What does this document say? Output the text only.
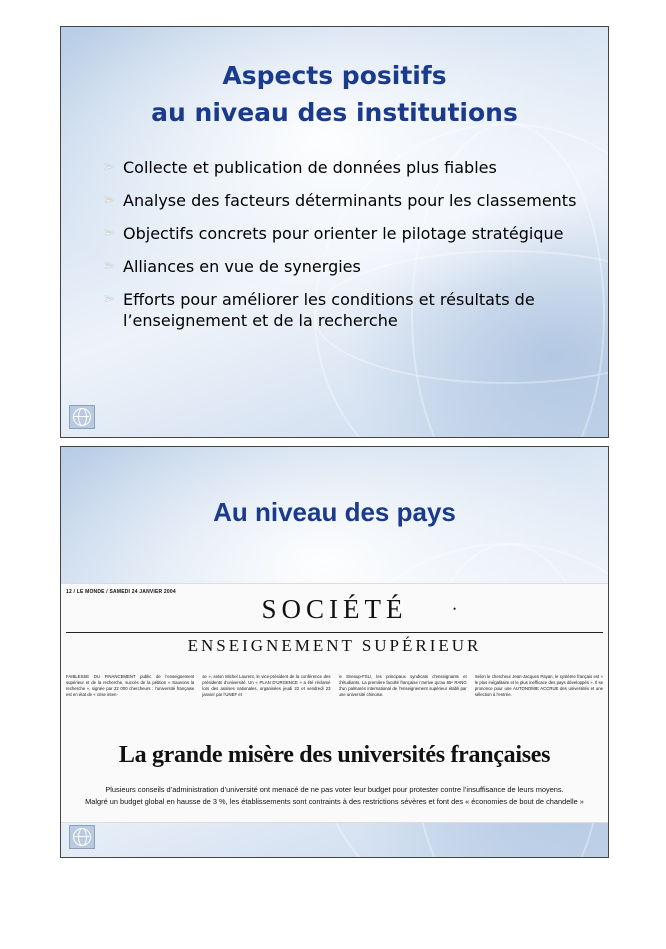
Aspects positifs
au niveau des institutions
➢ Collecte et publication de données plus fiables
➢ Analyse des facteurs déterminants pour les classements
➢ Objectifs concrets pour orienter le pilotage stratégique
➢ Alliances en vue de synergies
➢ Efforts pour améliorer les conditions et résultats de l’enseignement et de la recherche
Au niveau des pays
12 / LE MONDE / SAMEDI 24 JANVIER 2004
SOCIÉTÉ	•
ENSEIGNEMENT SUPÉRIEUR
FAIBLESSE DU FINANCEMENT public de l’enseignement supérieur et de la recherche, succès de la pétition « Sauvons la recherche », signée par 22 000 chercheurs : l’université française est en état de « crise inten-
se », selon Michel Laurent, le vice-président de la conférence des présidents d’université. Un « PLAN D’URGENCE » a été réclamé lors des assises nationales, organisées jeudi 22 et vendredi 23 janvier par l’UNEF et
le Snesup-FSU, les principaux syndicats d’enseignants et d’étudiants. La première faculté française n’arrive qu’au 65ᵉ RANG d’un palmarès international de l’enseignement supérieur établi par une université chinoise.
Selon le chercheur Jean-Jacques Payan, le système français est « le plus inégalitaire et le plus inefficace des pays développés ». Il se prononce pour une AUTONOMIE ACCRUE des universités et une sélection à l’entrée.
La grande misère des universités françaises
Plusieurs conseils d’administration d’université ont menacé de ne pas voter leur budget pour protester contre l’insuffisance de leurs moyens.
Malgré un budget global en hausse de 3 %, les établissements sont contraints à des restrictions sévères et font des « économies de bout de chandelle »
